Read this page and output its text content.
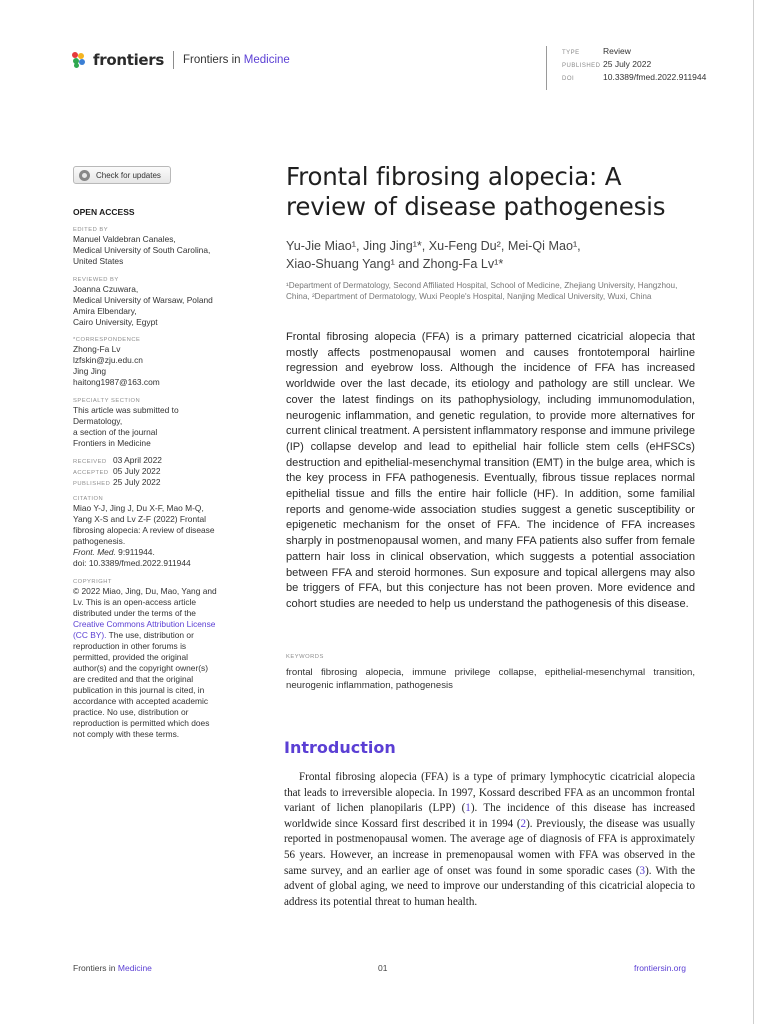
frontiers Frontiers in Medicine
TYPE	Review
PUBLISHED 25 July 2022
DOI	10.3389/fmed.2022.911944
Check for updates
OPEN ACCESS
EDITED BY
Manuel Valdebran Canales,
Medical University of South Carolina,
United States
REVIEWED BY
Joanna Czuwara,
Medical University of Warsaw, Poland
Amira Elbendary,
Cairo University, Egypt
*CORRESPONDENCE
Zhong-Fa Lv
lzfskin@zju.edu.cn
Jing Jing
haitong1987@163.com
SPECIALTY SECTION
This article was submitted to
Dermatology,
a section of the journal
Frontiers in Medicine
RECEIVED 03 April 2022
ACCEPTED 05 July 2022
PUBLISHED 25 July 2022
CITATION
Miao Y-J, Jing J, Du X-F, Mao M-Q,
Yang X-S and Lv Z-F (2022) Frontal
fibrosing alopecia: A review of disease
pathogenesis.
Front. Med. 9:911944.
doi: 10.3389/fmed.2022.911944
COPYRIGHT
© 2022 Miao, Jing, Du, Mao, Yang and
Lv. This is an open-access article
distributed under the terms of the
Creative Commons Attribution License
(CC BY). The use, distribution or
reproduction in other forums is
permitted, provided the original
author(s) and the copyright owner(s)
are credited and that the original
publication in this journal is cited, in
accordance with accepted academic
practice. No use, distribution or
reproduction is permitted which does
not comply with these terms.
Frontal fibrosing alopecia: A review of disease pathogenesis
Yu-Jie Miao¹, Jing Jing¹*, Xu-Feng Du², Mei-Qi Mao¹,
Xiao-Shuang Yang¹ and Zhong-Fa Lv¹*
¹Department of Dermatology, Second Affiliated Hospital, School of Medicine, Zhejiang University, Hangzhou, China, ²Department of Dermatology, Wuxi People's Hospital, Nanjing Medical University, Wuxi, China

Frontal fibrosing alopecia (FFA) is a primary patterned cicatricial alopecia that mostly affects postmenopausal women and causes frontotemporal hairline regression and eyebrow loss. Although the incidence of FFA has increased worldwide over the last decade, its etiology and pathology are still unclear. We cover the latest findings on its pathophysiology, including immunomodulation, neurogenic inflammation, and genetic regulation, to provide more alternatives for current clinical treatment. A persistent inflammatory response and immune privilege (IP) collapse develop and lead to epithelial hair follicle stem cells (eHFSCs) destruction and epithelial-mesenchymal transition (EMT) in the bulge area, which is the key process in FFA pathogenesis. Eventually, fibrous tissue replaces normal epithelial tissue and fills the entire hair follicle (HF). In addition, some familial reports and genome-wide association studies suggest a genetic susceptibility or epigenetic mechanism for the onset of FFA. The incidence of FFA increases sharply in postmenopausal women, and many FFA patients also suffer from female pattern hair loss in clinical observation, which suggests a potential association between FFA and steroid hormones. Sun exposure and topical allergens may also be triggers of FFA, but this conjecture has not been proven. More evidence and cohort studies are needed to help us understand the pathogenesis of this disease.

KEYWORDS
frontal fibrosing alopecia, immune privilege collapse, epithelial-mesenchymal transition, neurogenic inflammation, pathogenesis
Introduction

Frontal fibrosing alopecia (FFA) is a type of primary lymphocytic cicatricial alopecia that leads to irreversible alopecia. In 1997, Kossard described FFA as an uncommon frontal variant of lichen planopilaris (LPP) (1). The incidence of this disease has increased worldwide since Kossard first described it in 1994 (2). Previously, the disease was usually reported in postmenopausal women. The average age of diagnosis of FFA is approximately 56 years. However, an increase in premenopausal women with FFA was observed in the same survey, and an earlier age of onset was found in some sporadic cases (3). With the advent of global aging, we need to improve our understanding of this cicatricial alopecia to address its potential threat to human health.

Frontiers in Medicine	01	frontiersin.org
